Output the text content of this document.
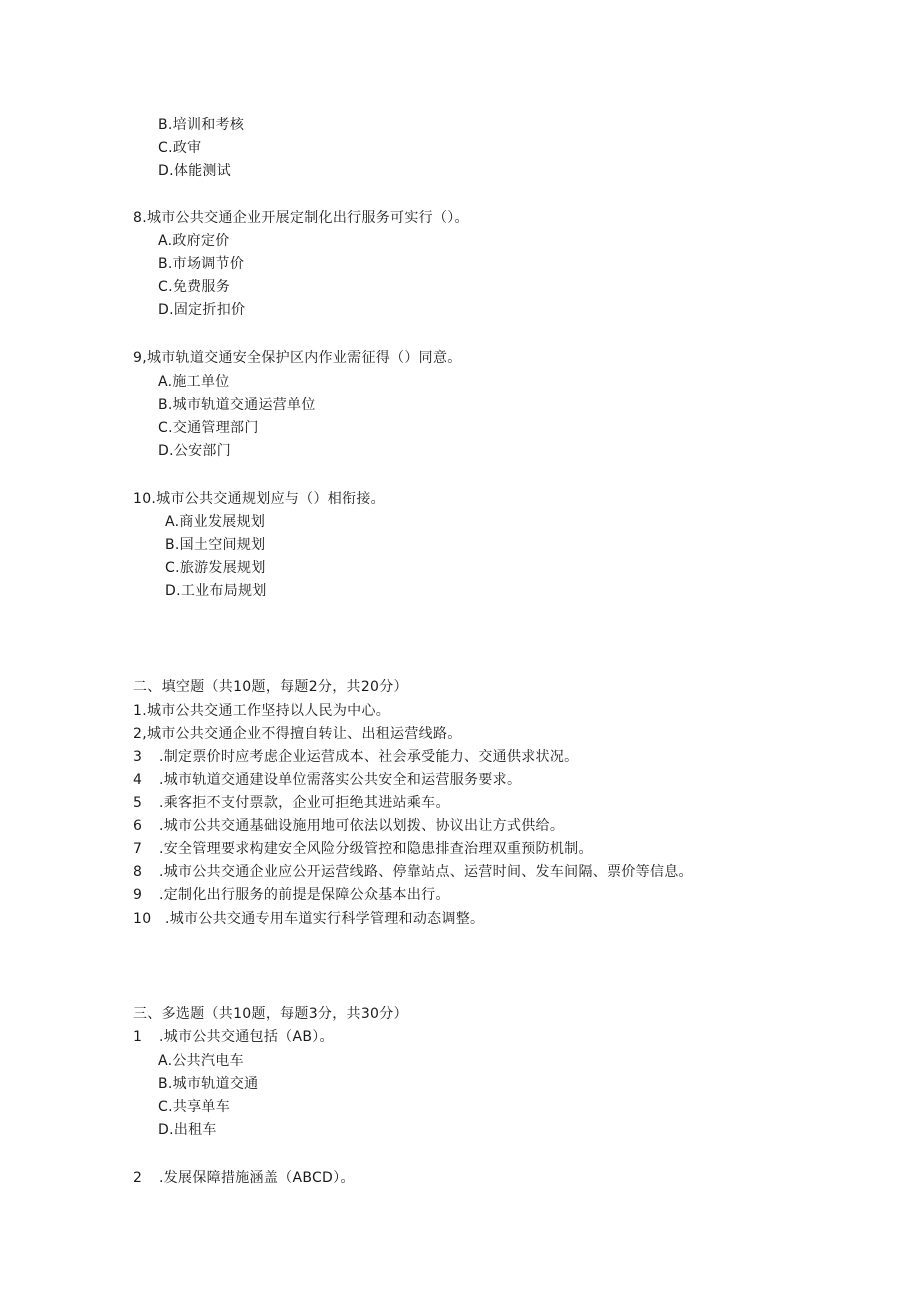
B.培训和考核
C.政审
D.体能测试
8.城市公共交通企业开展定制化出行服务可实行（）。
A.政府定价
B.市场调节价
C.免费服务
D.固定折扣价
9,城市轨道交通安全保护区内作业需征得（）同意。
A.施工单位
B.城市轨道交通运营单位
C.交通管理部门
D.公安部门
10.城市公共交通规划应与（）相衔接。
A.商业发展规划
B.国土空间规划
C.旅游发展规划
D.工业布局规划
二、填空题（共10题，每题2分，共20分）
1.城市公共交通工作坚持以人民为中心。
2,城市公共交通企业不得擅自转让、出租运营线路。
3 .制定票价时应考虑企业运营成本、社会承受能力、交通供求状况。
4 .城市轨道交通建设单位需落实公共安全和运营服务要求。
5 .乘客拒不支付票款，企业可拒绝其进站乘车。
6 .城市公共交通基础设施用地可依法以划拨、协议出让方式供给。
7 .安全管理要求构建安全风险分级管控和隐患排查治理双重预防机制。
8 .城市公共交通企业应公开运营线路、停靠站点、运营时间、发车间隔、票价等信息。
9 .定制化出行服务的前提是保障公众基本出行。
10 .城市公共交通专用车道实行科学管理和动态调整。
三、多选题（共10题，每题3分，共30分）
1 .城市公共交通包括（AB）。
A.公共汽电车
B.城市轨道交通
C.共享单车
D.出租车
2 .发展保障措施涵盖（ABCD）。
